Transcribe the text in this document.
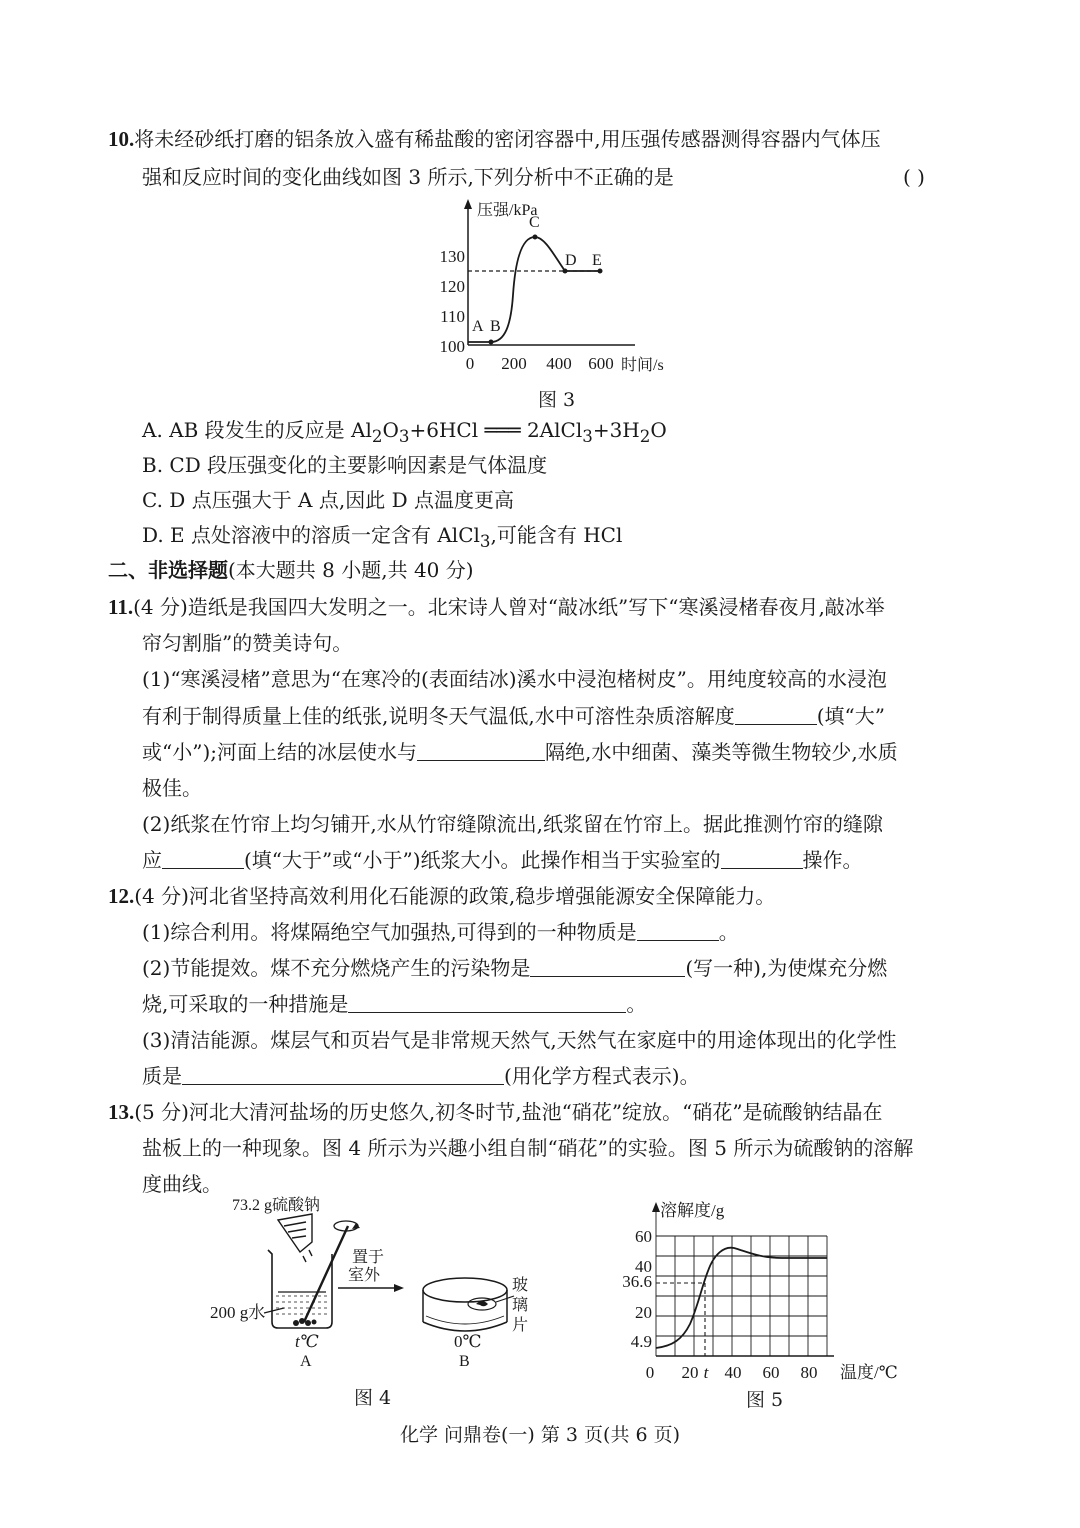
10.将未经砂纸打磨的铝条放入盛有稀盐酸的密闭容器中,用压强传感器测得容器内气体压
强和反应时间的变化曲线如图 3 所示,下列分析中不正确的是	( )
压强/kPa
时间/s
100
110
120
130
0 200 400 600
A B
C
D E
图 3
A. AB 段发生的反应是 $Al_2O_3+6HCl$ ═══ $2AlCl_3+3H_2O$
B. CD 段压强变化的主要影响因素是气体温度
C. D 点压强大于 A 点,因此 D 点温度更高
D. E 点处溶液中的溶质一定含有 AlCl$_3$,可能含有 HCl
二、非选择题(本大题共 8 小题,共 40 分)
11.(4 分)造纸是我国四大发明之一。北宋诗人曾对“敲冰纸”写下“寒溪浸楮春夜月,敲冰举
帘匀割脂”的赞美诗句。
(1)“寒溪浸楮”意思为“在寒冷的(表面结冰)溪水中浸泡楮树皮”。用纯度较高的水浸泡
有利于制得质量上佳的纸张,说明冬天气温低,水中可溶性杂质溶解度	(填“大”
或“小”);河面上结的冰层使水与	隔绝,水中细菌、藻类等微生物较少,水质
极佳。
(2)纸浆在竹帘上均匀铺开,水从竹帘缝隙流出,纸浆留在竹帘上。据此推测竹帘的缝隙
应	(填“大于”或“小于”)纸浆大小。此操作相当于实验室的	操作。
12.(4 分)河北省坚持高效利用化石能源的政策,稳步增强能源安全保障能力。
(1)综合利用。将煤隔绝空气加强热,可得到的一种物质是	。
(2)节能提效。煤不充分燃烧产生的污染物是	(写一种),为使煤充分燃
烧,可采取的一种措施是	。
(3)清洁能源。煤层气和页岩气是非常规天然气,天然气在家庭中的用途体现出的化学性
质是	(用化学方程式表示)。
13.(5 分)河北大清河盐场的历史悠久,初冬时节,盐池“硝花”绽放。“硝花”是硫酸钠结晶在
盐板上的一种现象。图 4 所示为兴趣小组自制“硝花”的实验。图 5 所示为硫酸钠的溶解
度曲线。
73.2 g硫酸钠
200 g水
t℃
A
置于
室外
玻
璃
片
0℃
B
图 4
溶解度/g
60
40
36.6
20
4.9
0 20 t 40 60 80 温度/℃
图 5
化学 问鼎卷(一) 第 3 页(共 6 页)
